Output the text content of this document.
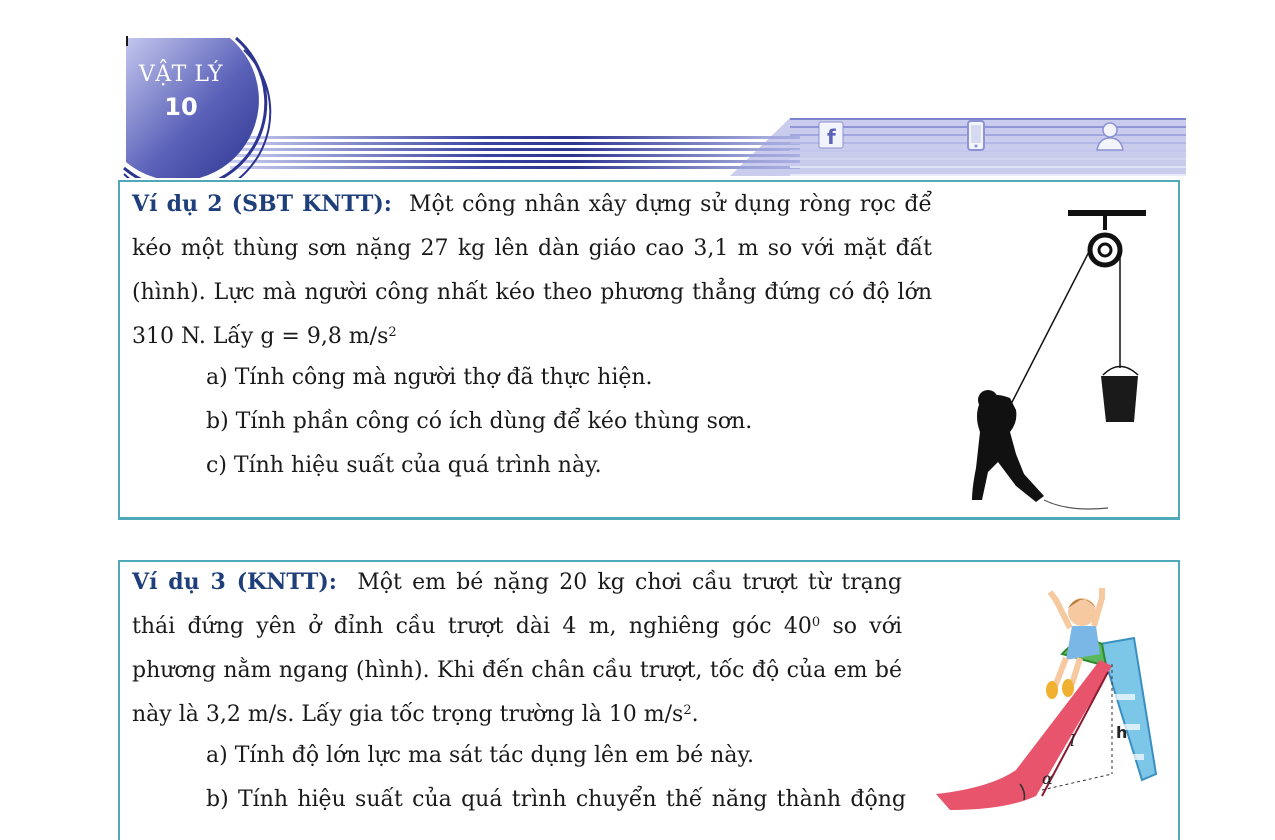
VẬT LÝ
10
f
Ví dụ 2 (SBT KNTT): Một công nhân xây dựng sử dụng ròng rọc để kéo một thùng sơn nặng 27 kg lên dàn giáo cao 3,1 m so với mặt đất (hình). Lực mà người công nhất kéo theo phương thẳng đứng có độ lớn 310 N. Lấy g = 9,8 $m/s^2$
a) Tính công mà người thợ đã thực hiện.
b) Tính phần công có ích dùng để kéo thùng sơn.
c) Tính hiệu suất của quá trình này.
Ví dụ 3 (KNTT): Một em bé nặng 20 kg chơi cầu trượt từ trạng thái đứng yên ở đỉnh cầu trượt dài 4 m, nghiêng góc $40^0$ so với phương nằm ngang (hình). Khi đến chân cầu trượt, tốc độ của em bé này là 3,2 m/s. Lấy gia tốc trọng trường là 10 $m/s^2$.
a) Tính độ lớn lực ma sát tác dụng lên em bé này.
b) Tính hiệu suất của quá trình chuyển thế năng thành động
l	h
α
